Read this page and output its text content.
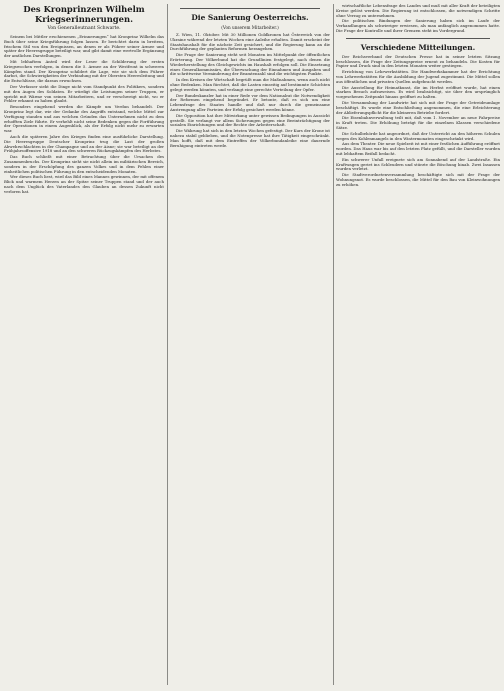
Des Kronprinzen Wilhelm Kriegserinnerungen.
Von Generalleutnant Schwarte.

Seinem bei Mittler erschienenen „Erinnerungen“ hat Kronprinz Wilhelm das Buch über seine Kriegsführung folgen lassen. Er berichtet darin in breitem, frischem Stil von den Ereignissen, an denen er als Führer seiner Armee und später der Heeresgruppe beteiligt war, und gibt damit eine wertvolle Ergänzung der amtlichen Darstellungen.

Mit lebhaftem Anteil wird der Leser die Schilderung der ersten Kriegswochen verfolgen, in denen die 5. Armee an der Westfront in schweren Kämpfen stand. Der Kronprinz schildert die Lage, wie sie sich dem Führer darbot, die Schwierigkeiten der Verbindung mit der Obersten Heeresleitung und die Entschlüsse, die daraus erwuchsen.

Der Verfasser sieht die Dinge nicht vom Standpunkt des Politikers, sondern mit den Augen des Soldaten. Er würdigt die Leistungen seiner Truppen, er spricht mit Wärme von seinen Mitarbeitern, und er verschweigt nicht, wo er Fehler erkannt zu haben glaubt.

Besonders eingehend werden die Kämpfe um Verdun behandelt. Der Kronprinz legt dar, wie der Gedanke des Angriffs entstand, welche Mittel zur Verfügung standen und aus welchen Gründen das Unternehmen nicht zu dem erhofften Ziele führte. Er verhehlt nicht seine Bedenken gegen die Fortführung der Operationen in einem Augenblick, als der Erfolg nicht mehr zu erwarten war.

Auch die späteren Jahre des Krieges finden eine ausführliche Darstellung. Die Heeresgruppe Deutscher Kronprinz trug die Last der großen Abwehrschlachten in der Champagne und an der Aisne; sie war beteiligt an der Frühjahrsoffensive 1918 und an den schweren Rückzugskämpfen des Herbstes.

Das Buch schließt mit einer Betrachtung über die Ursachen des Zusammenbruchs. Der Kronprinz sieht sie nicht allein im militärischen Bereich, sondern in der Erschöpfung des ganzen Volkes und in dem Fehlen einer einheitlichen politischen Führung in den entscheidenden Monaten.

Wer dieses Buch liest, wird das Bild eines Mannes gewinnen, der mit offenem Blick und warmem Herzen an der Spitze seiner Truppen stand und der auch nach dem Unglück des Vaterlandes den Glauben an dessen Zukunft nicht verloren hat.

Die Sanierung Oesterreichs.
(Von unserem Mitarbeiter.)

Z. Wien, 11. Oktober. Mit 30 Millionen Goldkronen hat Österreich von der Ukraine während der letzten Wochen eine Anleihe erhalten. Damit erscheint der Staatshaushalt für die nächste Zeit gesichert, und die Regierung kann an die Durchführung der geplanten Reformen herangehen.

Die Frage der Sanierung steht seit Monaten im Mittelpunkt der öffentlichen Erörterung. Der Völkerbund hat die Grundlinien festgelegt, nach denen die Wiederherstellung des Gleichgewichts im Haushalt erfolgen soll. Die Einsetzung eines Generalkommissärs, die Überwachung der Einnahmen und Ausgaben und die schrittweise Verminderung der Beamtenzahl sind die wichtigsten Punkte.

In den Kreisen der Wirtschaft begrüßt man die Maßnahmen, wenn auch nicht ohne Bedenken. Man fürchtet, daß die Lasten einseitig auf bestimmte Schichten gelegt werden könnten, und verlangt eine gerechte Verteilung der Opfer.

Der Bundeskanzler hat in einer Rede vor dem Nationalrat die Notwendigkeit der Reformen eingehend begründet. Er betonte, daß es sich um eine Lebensfrage des Staates handle und daß nur durch die gemeinsame Anstrengung aller Parteien der Erfolg gesichert werden könne.

Die Opposition hat ihre Mitwirkung unter gewissen Bedingungen in Aussicht gestellt. Sie verlangt vor allem Sicherungen gegen eine Beeinträchtigung der sozialen Einrichtungen und der Rechte der Arbeiterschaft.

Die Währung hat sich in den letzten Wochen gefestigt. Der Kurs der Krone ist nahezu stabil geblieben, und die Notenpresse hat ihre Tätigkeit eingeschränkt. Man hofft, daß mit dem Eintreffen der Völkerbundanleihe eine dauernde Beruhigung eintreten werde.

wirtschaftliche Lebensfrage des Landes und muß mit aller Kraft der beteiligten Kreise gelöst werden. Die Regierung ist entschlossen, die notwendigen Schritte ohne Verzug zu unternehmen.

Die politischen Bindungen der Sanierung haben sich im Laufe der Verhandlungen als schwieriger erwiesen, als man anfänglich angenommen hatte. Die Frage der Kontrolle und ihrer Grenzen steht im Vordergrund.

Verschiedene Mitteilungen.

Der Reichsverband der Deutschen Presse hat in seiner letzten Sitzung beschlossen, die Frage der Zeitungspreise erneut zu behandeln. Die Kosten für Papier und Druck sind in den letzten Monaten weiter gestiegen.

Errichtung von Lehrwerkstätten. Die Handwerkskammer hat der Errichtung von Lehrwerkstätten für die Ausbildung der Jugend zugestimmt. Die Mittel sollen aus öffentlichen und privaten Quellen aufgebracht werden.

Die Ausstellung für Heimatkunst, die im Herbst eröffnet wurde, hat einen starken Besuch aufzuweisen. Es wird beabsichtigt, sie über den ursprünglich vorgesehenen Zeitpunkt hinaus geöffnet zu halten.

Die Versammlung der Landwirte hat sich mit der Frage der Getreideumlage beschäftigt. Es wurde eine Entschließung angenommen, die eine Erleichterung der Ablieferungspflicht für die kleineren Betriebe fordert.

Die Eisenbahnverwaltung teilt mit, daß vom 1. November an neue Fahrpreise in Kraft treten. Die Erhöhung beträgt für die einzelnen Klassen verschiedene Sätze.

Die Schulbehörde hat angeordnet, daß der Unterricht an den höheren Schulen wegen des Kohlenmangels in den Wintermonaten eingeschränkt wird.

Aus dem Theater. Die neue Spielzeit ist mit einer festlichen Aufführung eröffnet worden. Das Haus war bis auf den letzten Platz gefüllt, und die Darsteller wurden mit lebhaftem Beifall bedacht.

Ein schwerer Unfall ereignete sich am Sonnabend auf der Landstraße. Ein Kraftwagen geriet ins Schleudern und stürzte die Böschung hinab. Zwei Insassen wurden verletzt.

Die Stadtverordnetenversammlung beschäftigte sich mit der Frage der Wohnungsnot. Es wurde beschlossen, die Mittel für den Bau von Kleinwohnungen zu erhöhen.
